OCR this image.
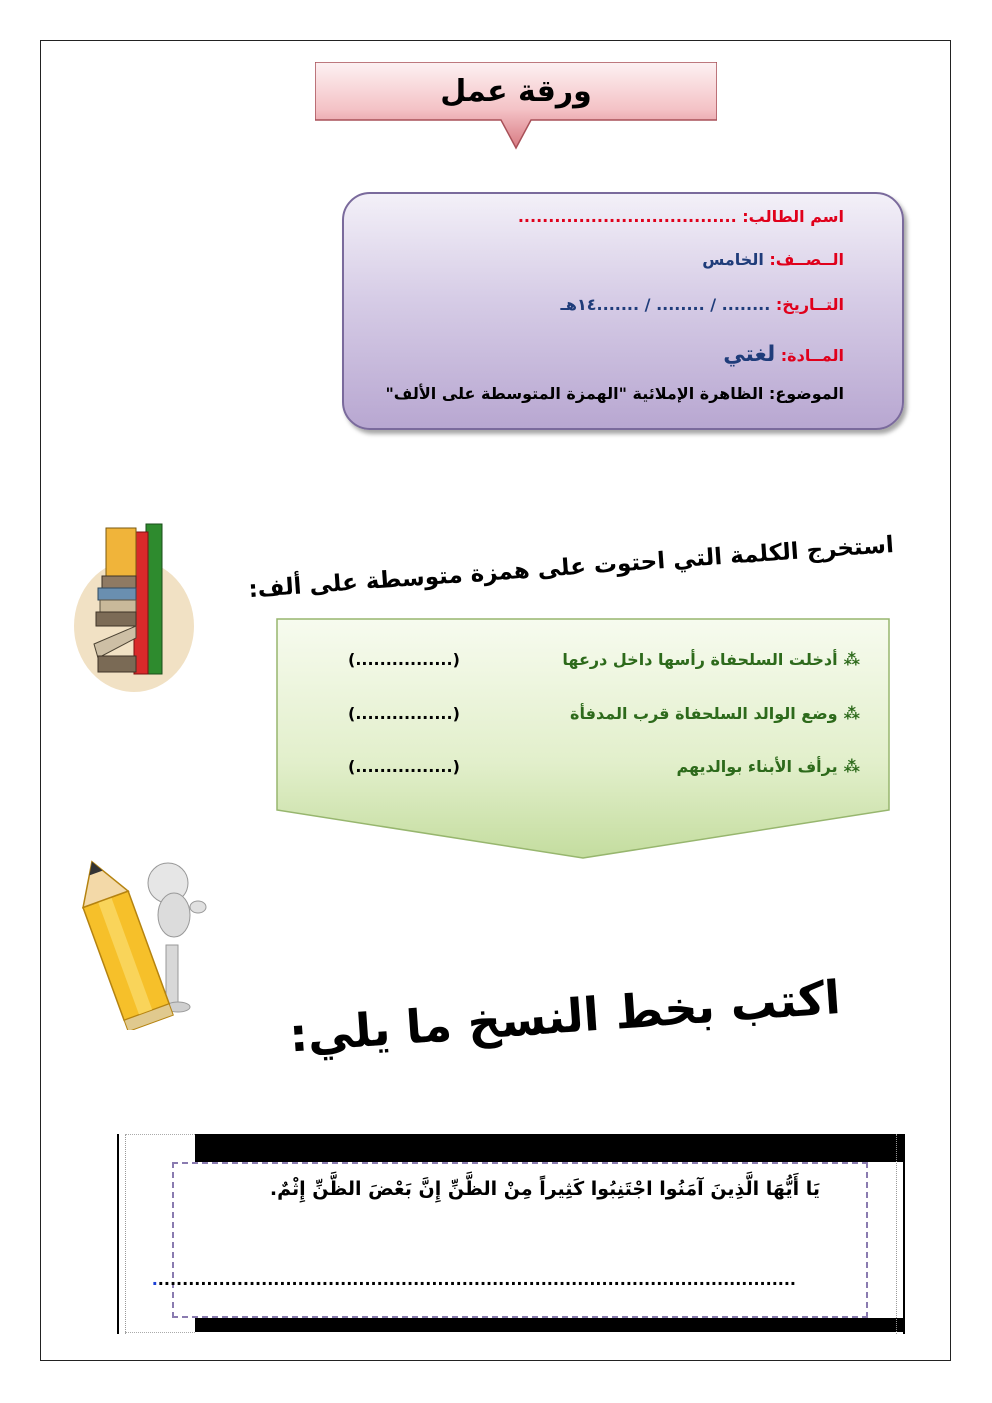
ورقة عمل
اسم الطالب: ....................................
الــصــف: الخامس
التــاريخ: ........ / ........ / .......١٤هـ
المــادة: لغتي
الموضوع: الظاهرة الإملائية "الهمزة المتوسطة على الألف"
استخرج الكلمة التي احتوت على همزة متوسطة على ألف:
⁂أدخلت السلحفاة رأسها داخل درعها
(................)
⁂وضع الوالد السلحفاة قرب المدفأة
(................)
⁂يرأف الأبناء بوالديهم
(................)
اكتب بخط النسخ ما يلي:
يَا أَيُّهَا الَّذِينَ آمَنُوا اجْتَنِبُوا كَثِيراً مِنْ الظَّنِّ إِنَّ بَعْضَ الظَّنِّ إِثْمٌ.
..........................................................................................................
